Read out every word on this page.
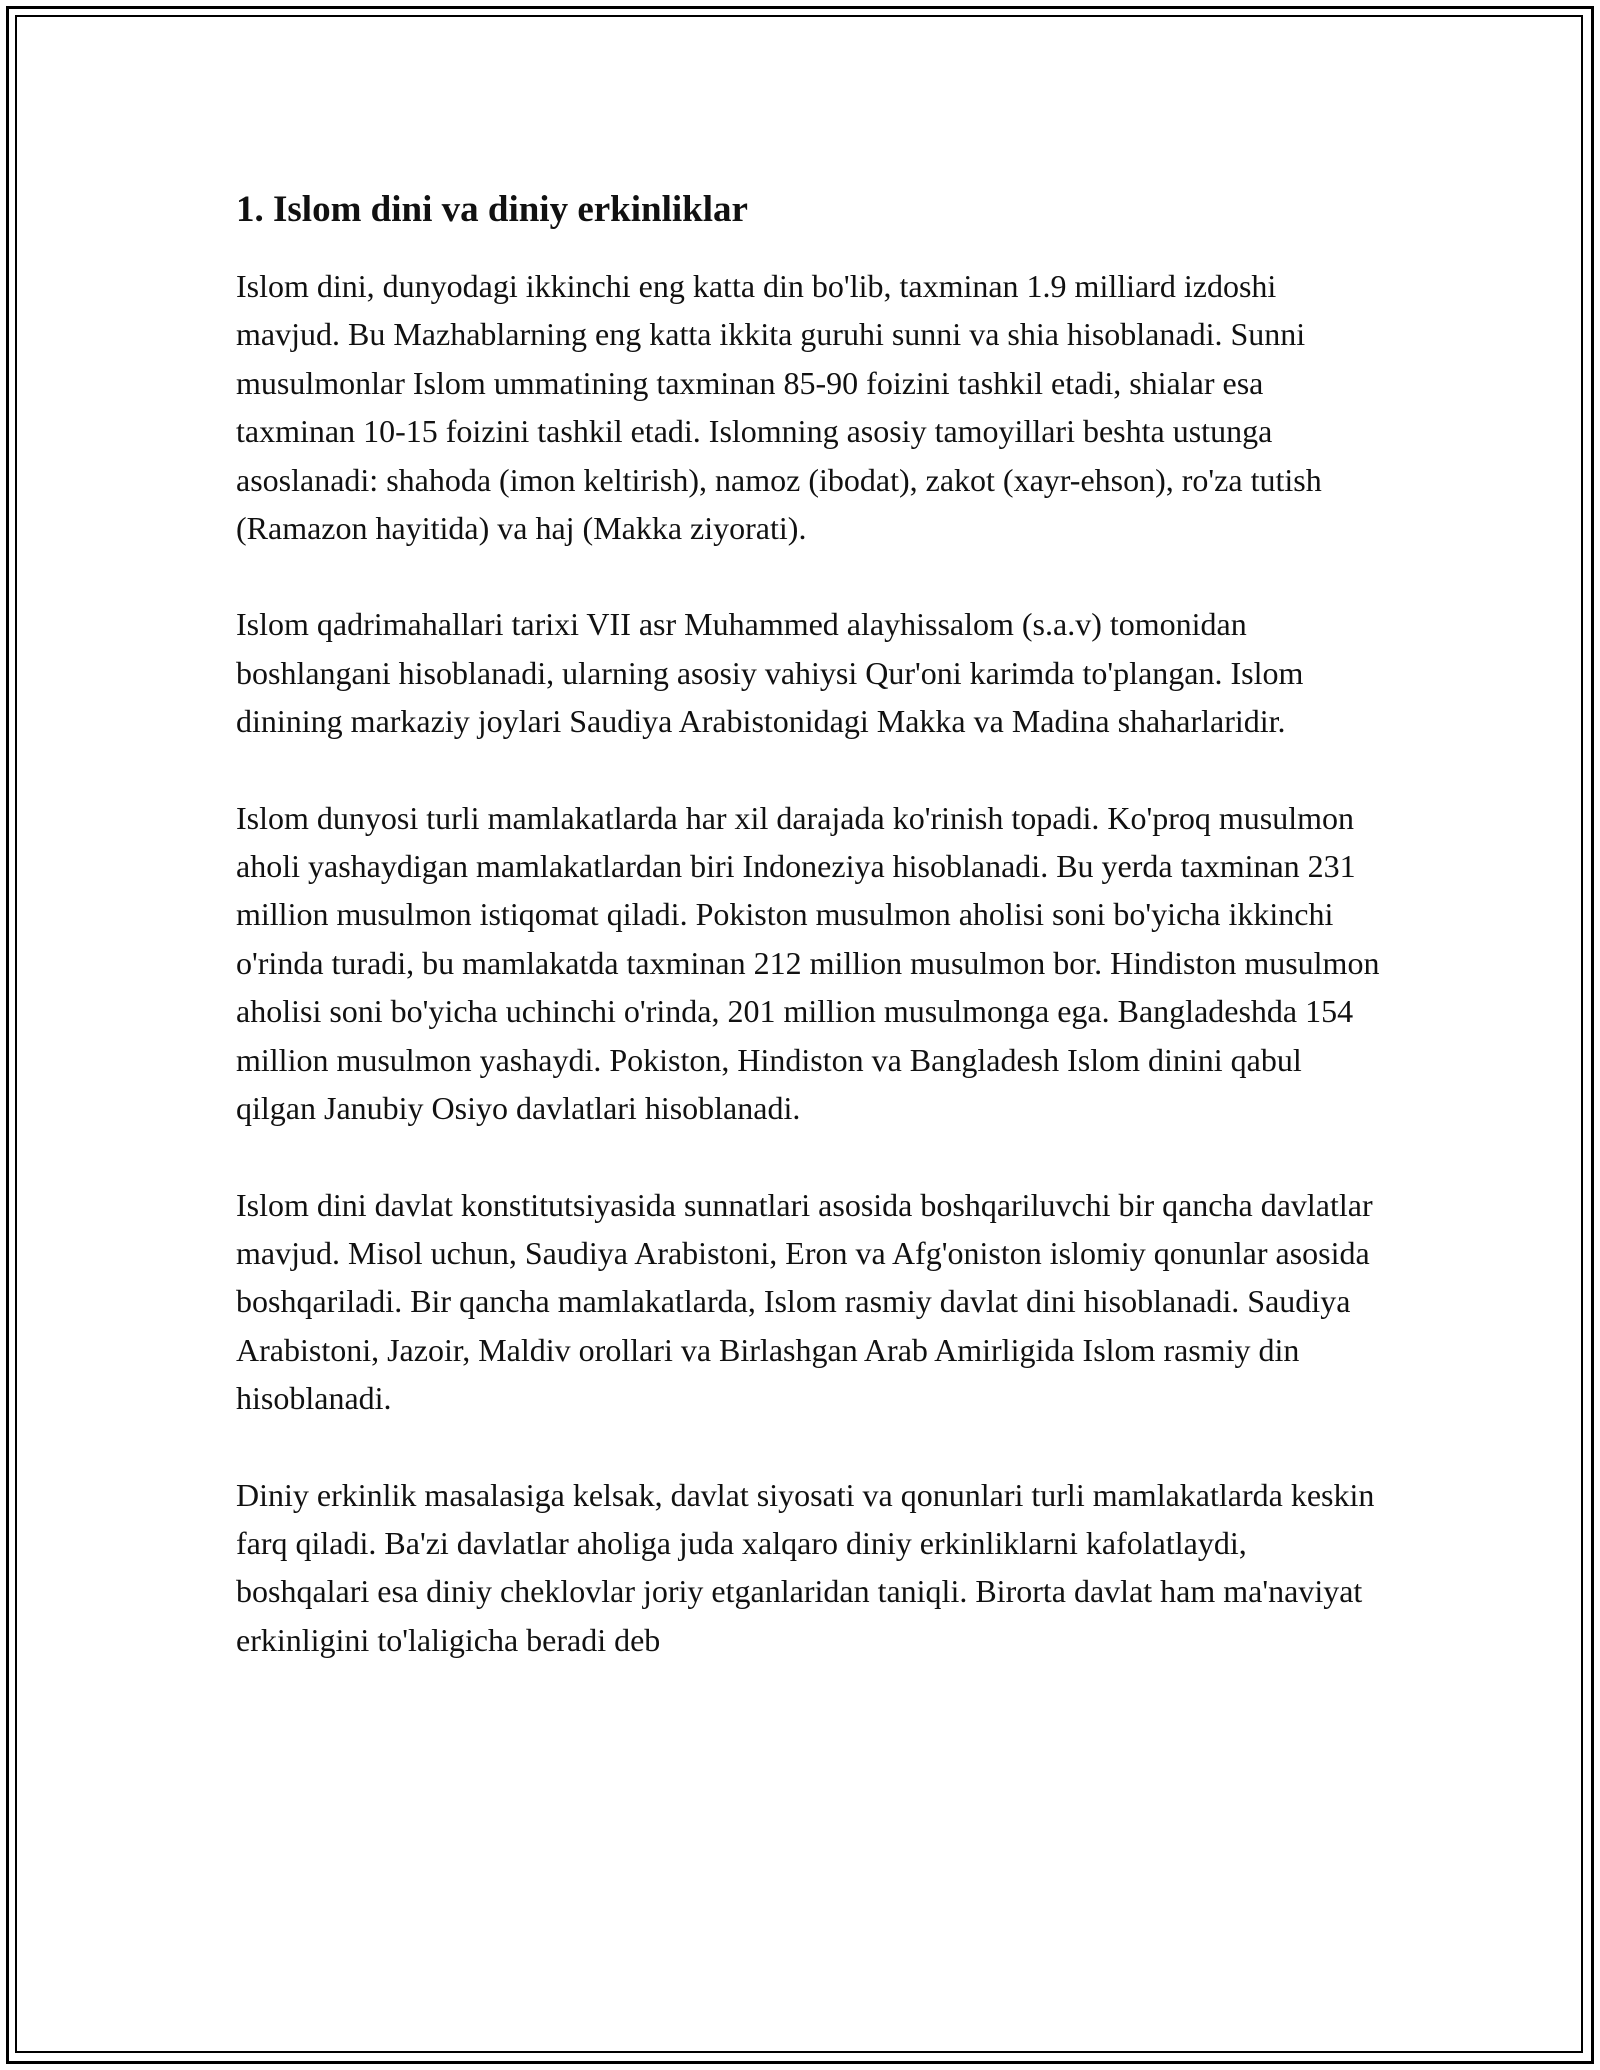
1. Islom dini va diniy erkinliklar

Islom dini, dunyodagi ikkinchi eng katta din bo'lib, taxminan 1.9 milliard izdoshi mavjud. Bu Mazhablarning eng katta ikkita guruhi sunni va shia hisoblanadi. Sunni musulmonlar Islom ummatining taxminan 85-90 foizini tashkil etadi, shialar esa taxminan 10-15 foizini tashkil etadi. Islomning asosiy tamoyillari beshta ustunga asoslanadi: shahoda (imon keltirish), namoz (ibodat), zakot (xayr-ehson), ro'za tutish (Ramazon hayitida) va haj (Makka ziyorati).

Islom qadrimahallari tarixi VII asr Muhammed alayhissalom (s.a.v) tomonidan boshlangani hisoblanadi, ularning asosiy vahiysi Qur'oni karimda to'plangan. Islom dinining markaziy joylari Saudiya Arabistonidagi Makka va Madina shaharlaridir.

Islom dunyosi turli mamlakatlarda har xil darajada ko'rinish topadi. Ko'proq musulmon aholi yashaydigan mamlakatlardan biri Indoneziya hisoblanadi. Bu yerda taxminan 231 million musulmon istiqomat qiladi. Pokiston musulmon aholisi soni bo'yicha ikkinchi o'rinda turadi, bu mamlakatda taxminan 212 million musulmon bor. Hindiston musulmon aholisi soni bo'yicha uchinchi o'rinda, 201 million musulmonga ega. Bangladeshda 154 million musulmon yashaydi. Pokiston, Hindiston va Bangladesh Islom dinini qabul qilgan Janubiy Osiyo davlatlari hisoblanadi.

Islom dini davlat konstitutsiyasida sunnatlari asosida boshqariluvchi bir qancha davlatlar mavjud. Misol uchun, Saudiya Arabistoni, Eron va Afg'oniston islomiy qonunlar asosida boshqariladi. Bir qancha mamlakatlarda, Islom rasmiy davlat dini hisoblanadi. Saudiya Arabistoni, Jazoir, Maldiv orollari va Birlashgan Arab Amirligida Islom rasmiy din hisoblanadi.

Diniy erkinlik masalasiga kelsak, davlat siyosati va qonunlari turli mamlakatlarda keskin farq qiladi. Ba'zi davlatlar aholiga juda xalqaro diniy erkinliklarni kafolatlaydi, boshqalari esa diniy cheklovlar joriy etganlaridan taniqli. Birorta davlat ham ma'naviyat erkinligini to'laligicha beradi deb
